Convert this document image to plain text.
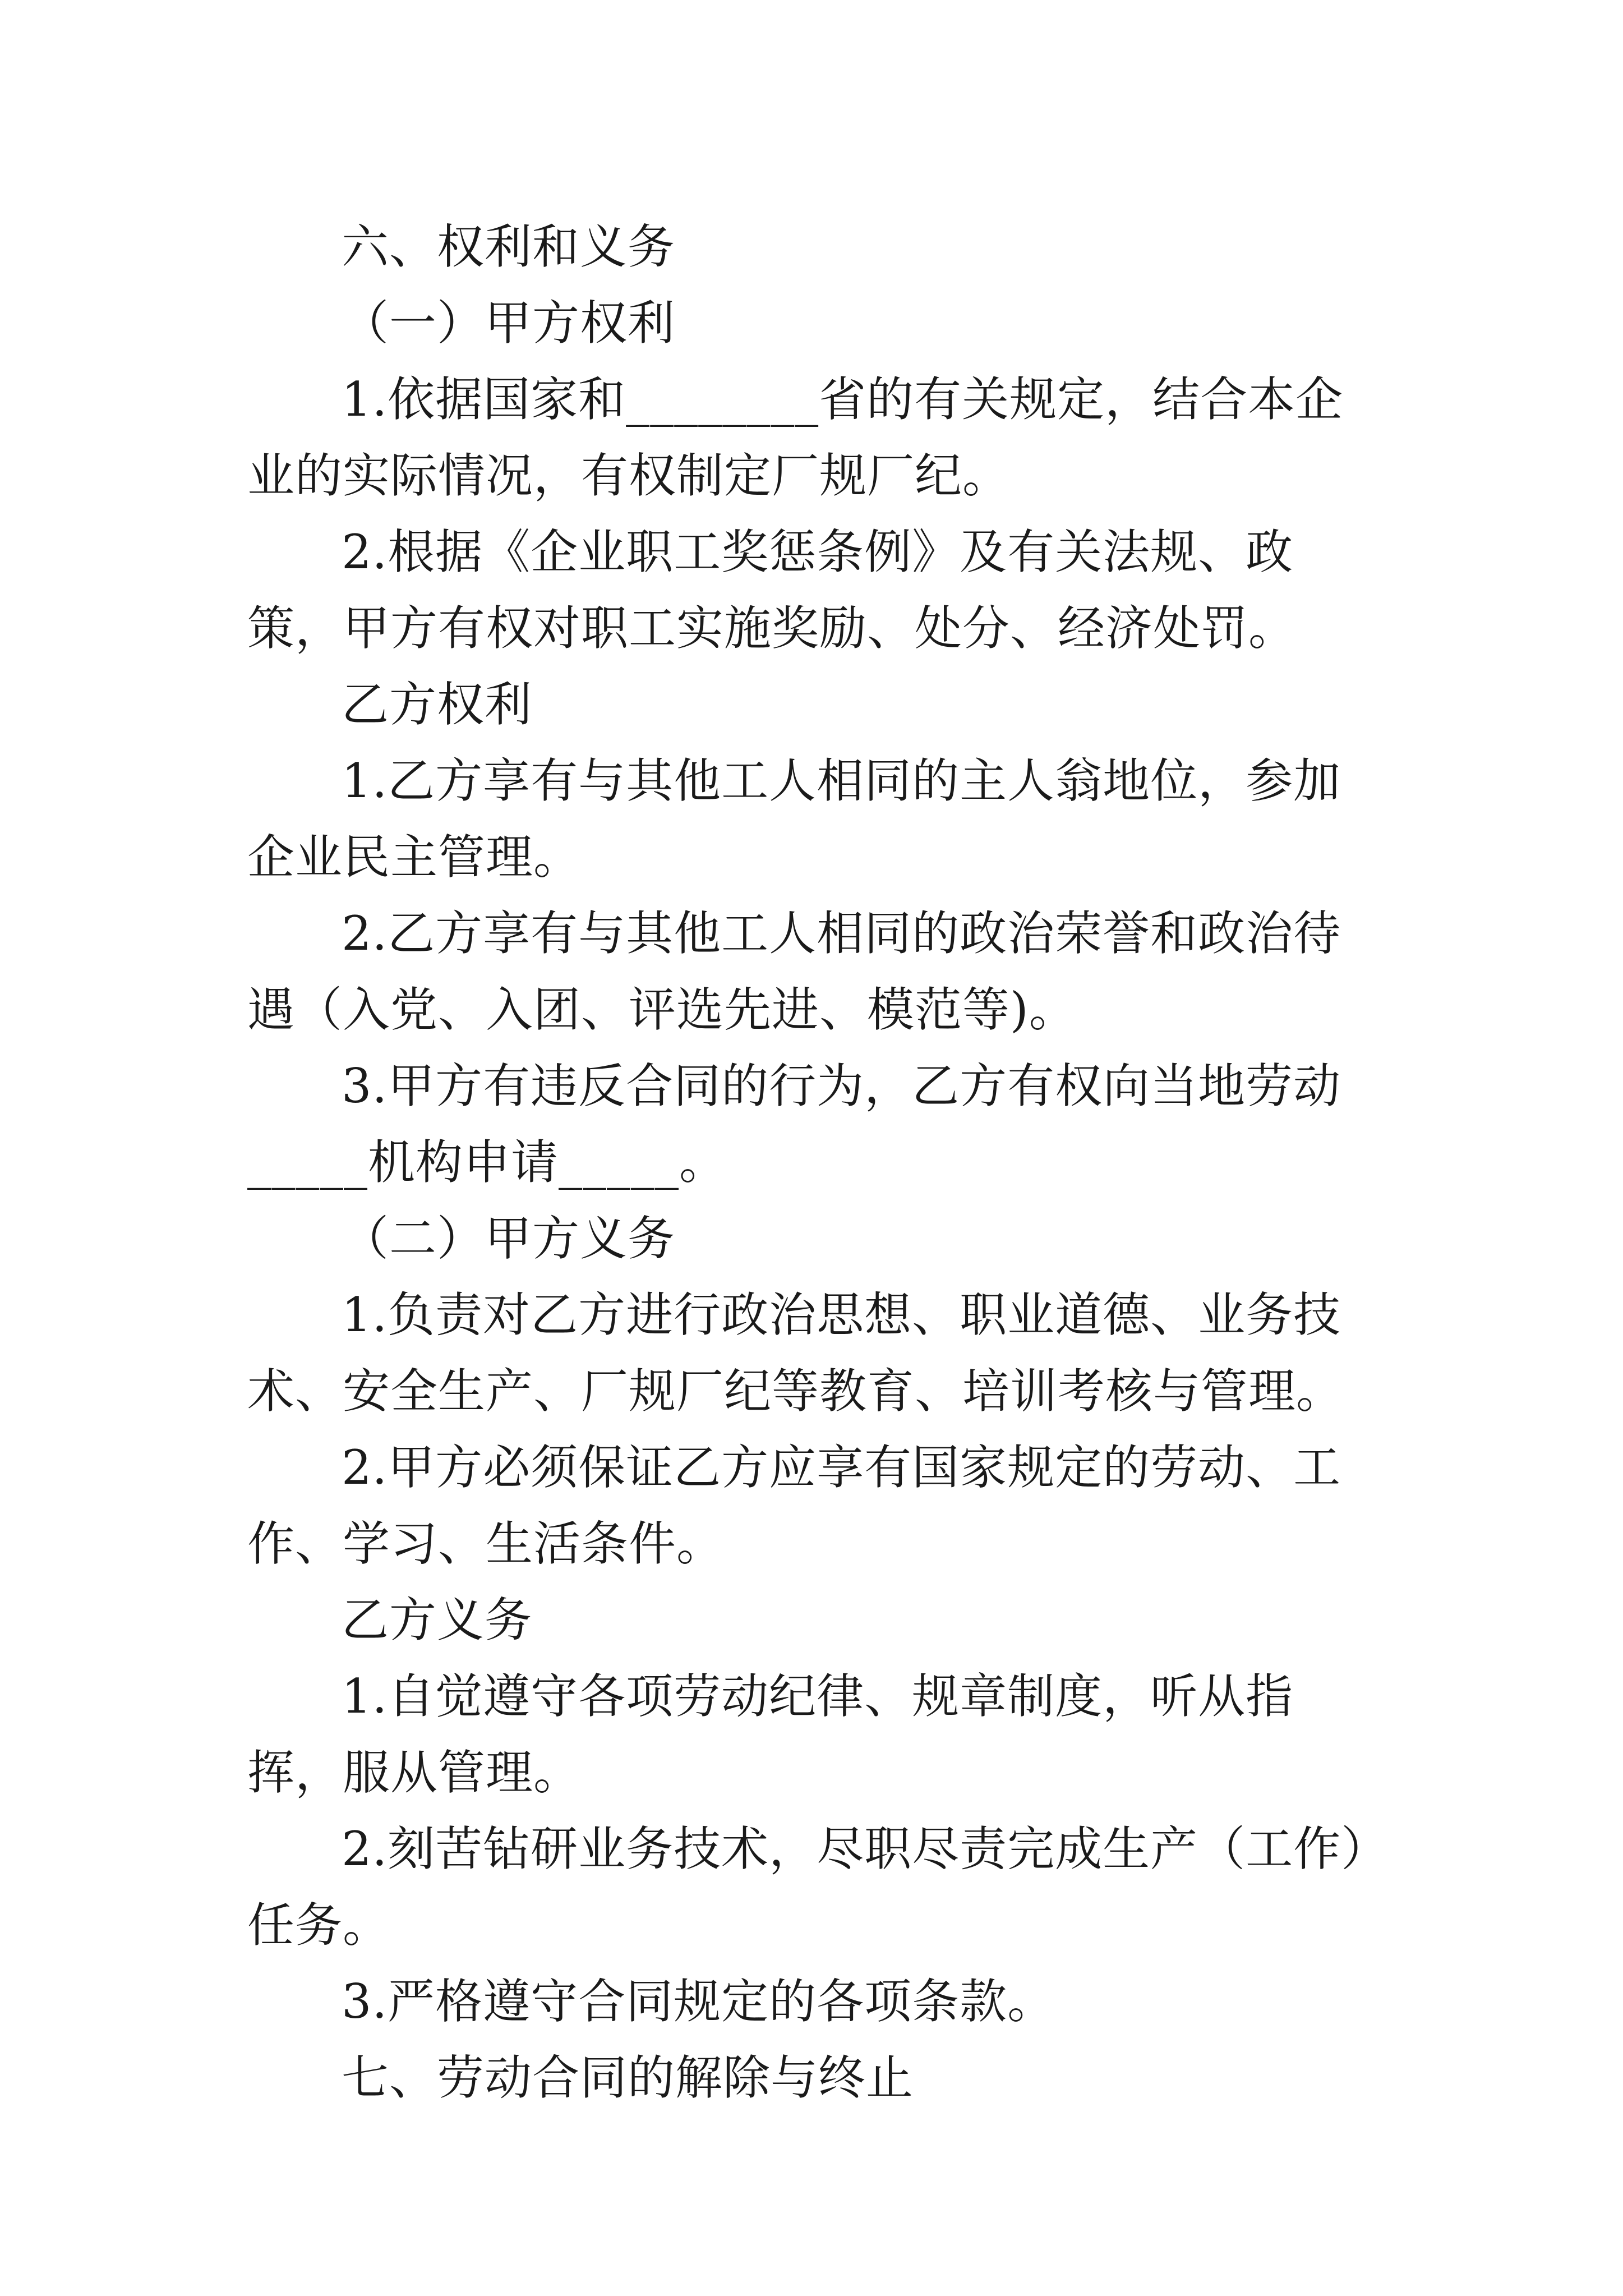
六、权利和义务

（一）甲方权利

1.依据国家和________省的有关规定，结合本企业的实际情况，有权制定厂规厂纪。

2.根据《企业职工奖惩条例》及有关法规、政策，甲方有权对职工实施奖励、处分、经济处罚。

乙方权利

1.乙方享有与其他工人相同的主人翁地位，参加企业民主管理。

2.乙方享有与其他工人相同的政治荣誉和政治待遇（入党、入团、评选先进、模范等)。

3.甲方有违反合同的行为，乙方有权向当地劳动_____机构申请_____。

（二）甲方义务

1.负责对乙方进行政治思想、职业道德、业务技术、安全生产、厂规厂纪等教育、培训考核与管理。

2.甲方必须保证乙方应享有国家规定的劳动、工作、学习、生活条件。

乙方义务

1.自觉遵守各项劳动纪律、规章制度，听从指挥，服从管理。

2.刻苦钻研业务技术，尽职尽责完成生产（工作）任务。

3.严格遵守合同规定的各项条款。

七、劳动合同的解除与终止
